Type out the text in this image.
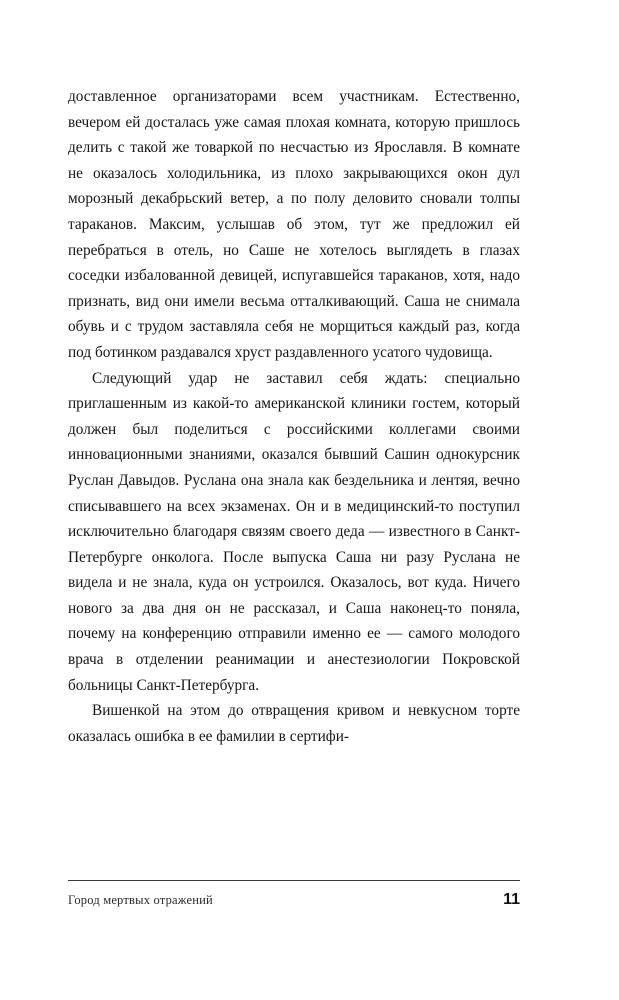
доставленное организаторами всем участникам. Естественно, вечером ей досталась уже самая плохая комната, которую пришлось делить с такой же товаркой по несчастью из Ярославля. В комнате не оказалось холодильника, из плохо закрывающихся окон дул морозный декабрьский ветер, а по полу деловито сновали толпы тараканов. Максим, услышав об этом, тут же предложил ей перебраться в отель, но Саше не хотелось выглядеть в глазах соседки избалованной девицей, испугавшейся тараканов, хотя, надо признать, вид они имели весьма отталкивающий. Саша не снимала обувь и с трудом заставляла себя не морщиться каждый раз, когда под ботинком раздавался хруст раздавленного усатого чудовища.

Следующий удар не заставил себя ждать: специально приглашенным из какой-то американской клиники гостем, который должен был поделиться с российскими коллегами своими инновационными знаниями, оказался бывший Сашин однокурсник Руслан Давыдов. Руслана она знала как бездельника и лентяя, вечно списывавшего на всех экзаменах. Он и в медицинский-то поступил исключительно благодаря связям своего деда — известного в Санкт-Петербурге онколога. После выпуска Саша ни разу Руслана не видела и не знала, куда он устроился. Оказалось, вот куда. Ничего нового за два дня он не рассказал, и Саша наконец-то поняла, почему на конференцию отправили именно ее — самого молодого врача в отделении реанимации и анестезиологии Покровской больницы Санкт-Петербурга.

Вишенкой на этом до отвращения кривом и невкусном торте оказалась ошибка в ее фамилии в сертифи-

Город мертвых отражений	11
